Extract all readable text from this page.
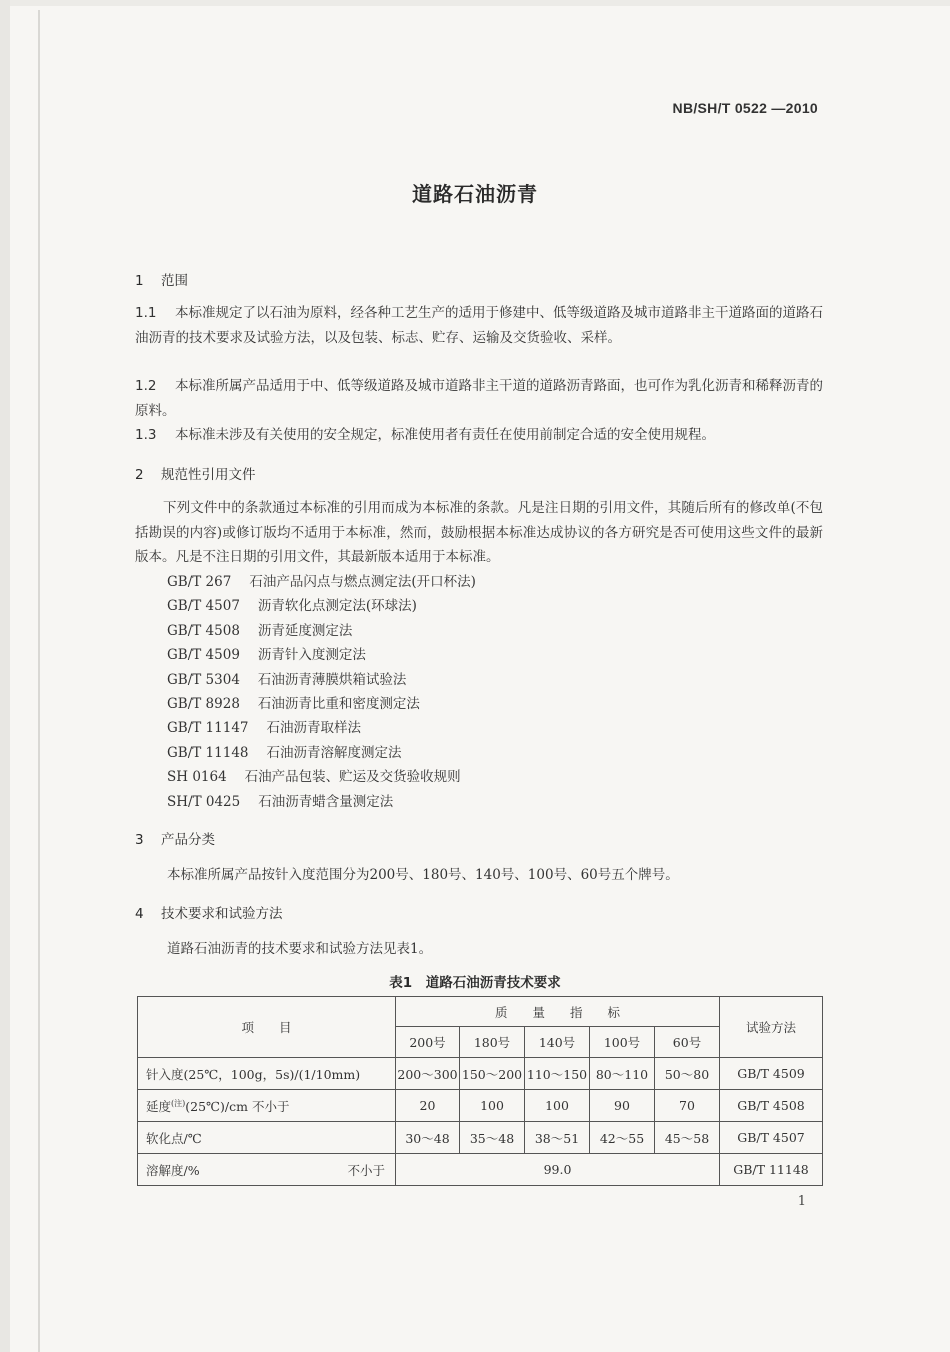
NB/SH/T 0522 —2010
道路石油沥青
1 范围
1.1 本标准规定了以石油为原料，经各种工艺生产的适用于修建中、低等级道路及城市道路非主干道路面的道路石油沥青的技术要求及试验方法，以及包装、标志、贮存、运输及交货验收、采样。
1.2 本标准所属产品适用于中、低等级道路及城市道路非主干道的道路沥青路面，也可作为乳化沥青和稀释沥青的原料。
1.3 本标准未涉及有关使用的安全规定，标准使用者有责任在使用前制定合适的安全使用规程。
2 规范性引用文件
下列文件中的条款通过本标准的引用而成为本标准的条款。凡是注日期的引用文件，其随后所有的修改单(不包括勘误的内容)或修订版均不适用于本标准，然而，鼓励根据本标准达成协议的各方研究是否可使用这些文件的最新版本。凡是不注日期的引用文件，其最新版本适用于本标准。
GB/T 267 石油产品闪点与燃点测定法(开口杯法)
GB/T 4507 沥青软化点测定法(环球法)
GB/T 4508 沥青延度测定法
GB/T 4509 沥青针入度测定法
GB/T 5304 石油沥青薄膜烘箱试验法
GB/T 8928 石油沥青比重和密度测定法
GB/T 11147 石油沥青取样法
GB/T 11148 石油沥青溶解度测定法
SH 0164 石油产品包装、贮运及交货验收规则
SH/T 0425 石油沥青蜡含量测定法
3 产品分类
本标准所属产品按针入度范围分为200号、180号、140号、100号、60号五个牌号。
4 技术要求和试验方法
道路石油沥青的技术要求和试验方法见表1。
表1　道路石油沥青技术要求
项　　目	质　　量　　指　　标					试验方法
	200号	180号	140号	100号	60号	
针入度(25℃，100g，5s)/(1/10mm)	200～300	150～200	110～150	80～110	50～80	GB/T 4509
延度$^{(注)}$(25℃)/cm 不小于	20	100	100	90	70	GB/T 4508
软化点/℃	30～48	35～48	38～51	42～55	45～58	GB/T 4507
溶解度/% 不小于	99.0					GB/T 11148
1
